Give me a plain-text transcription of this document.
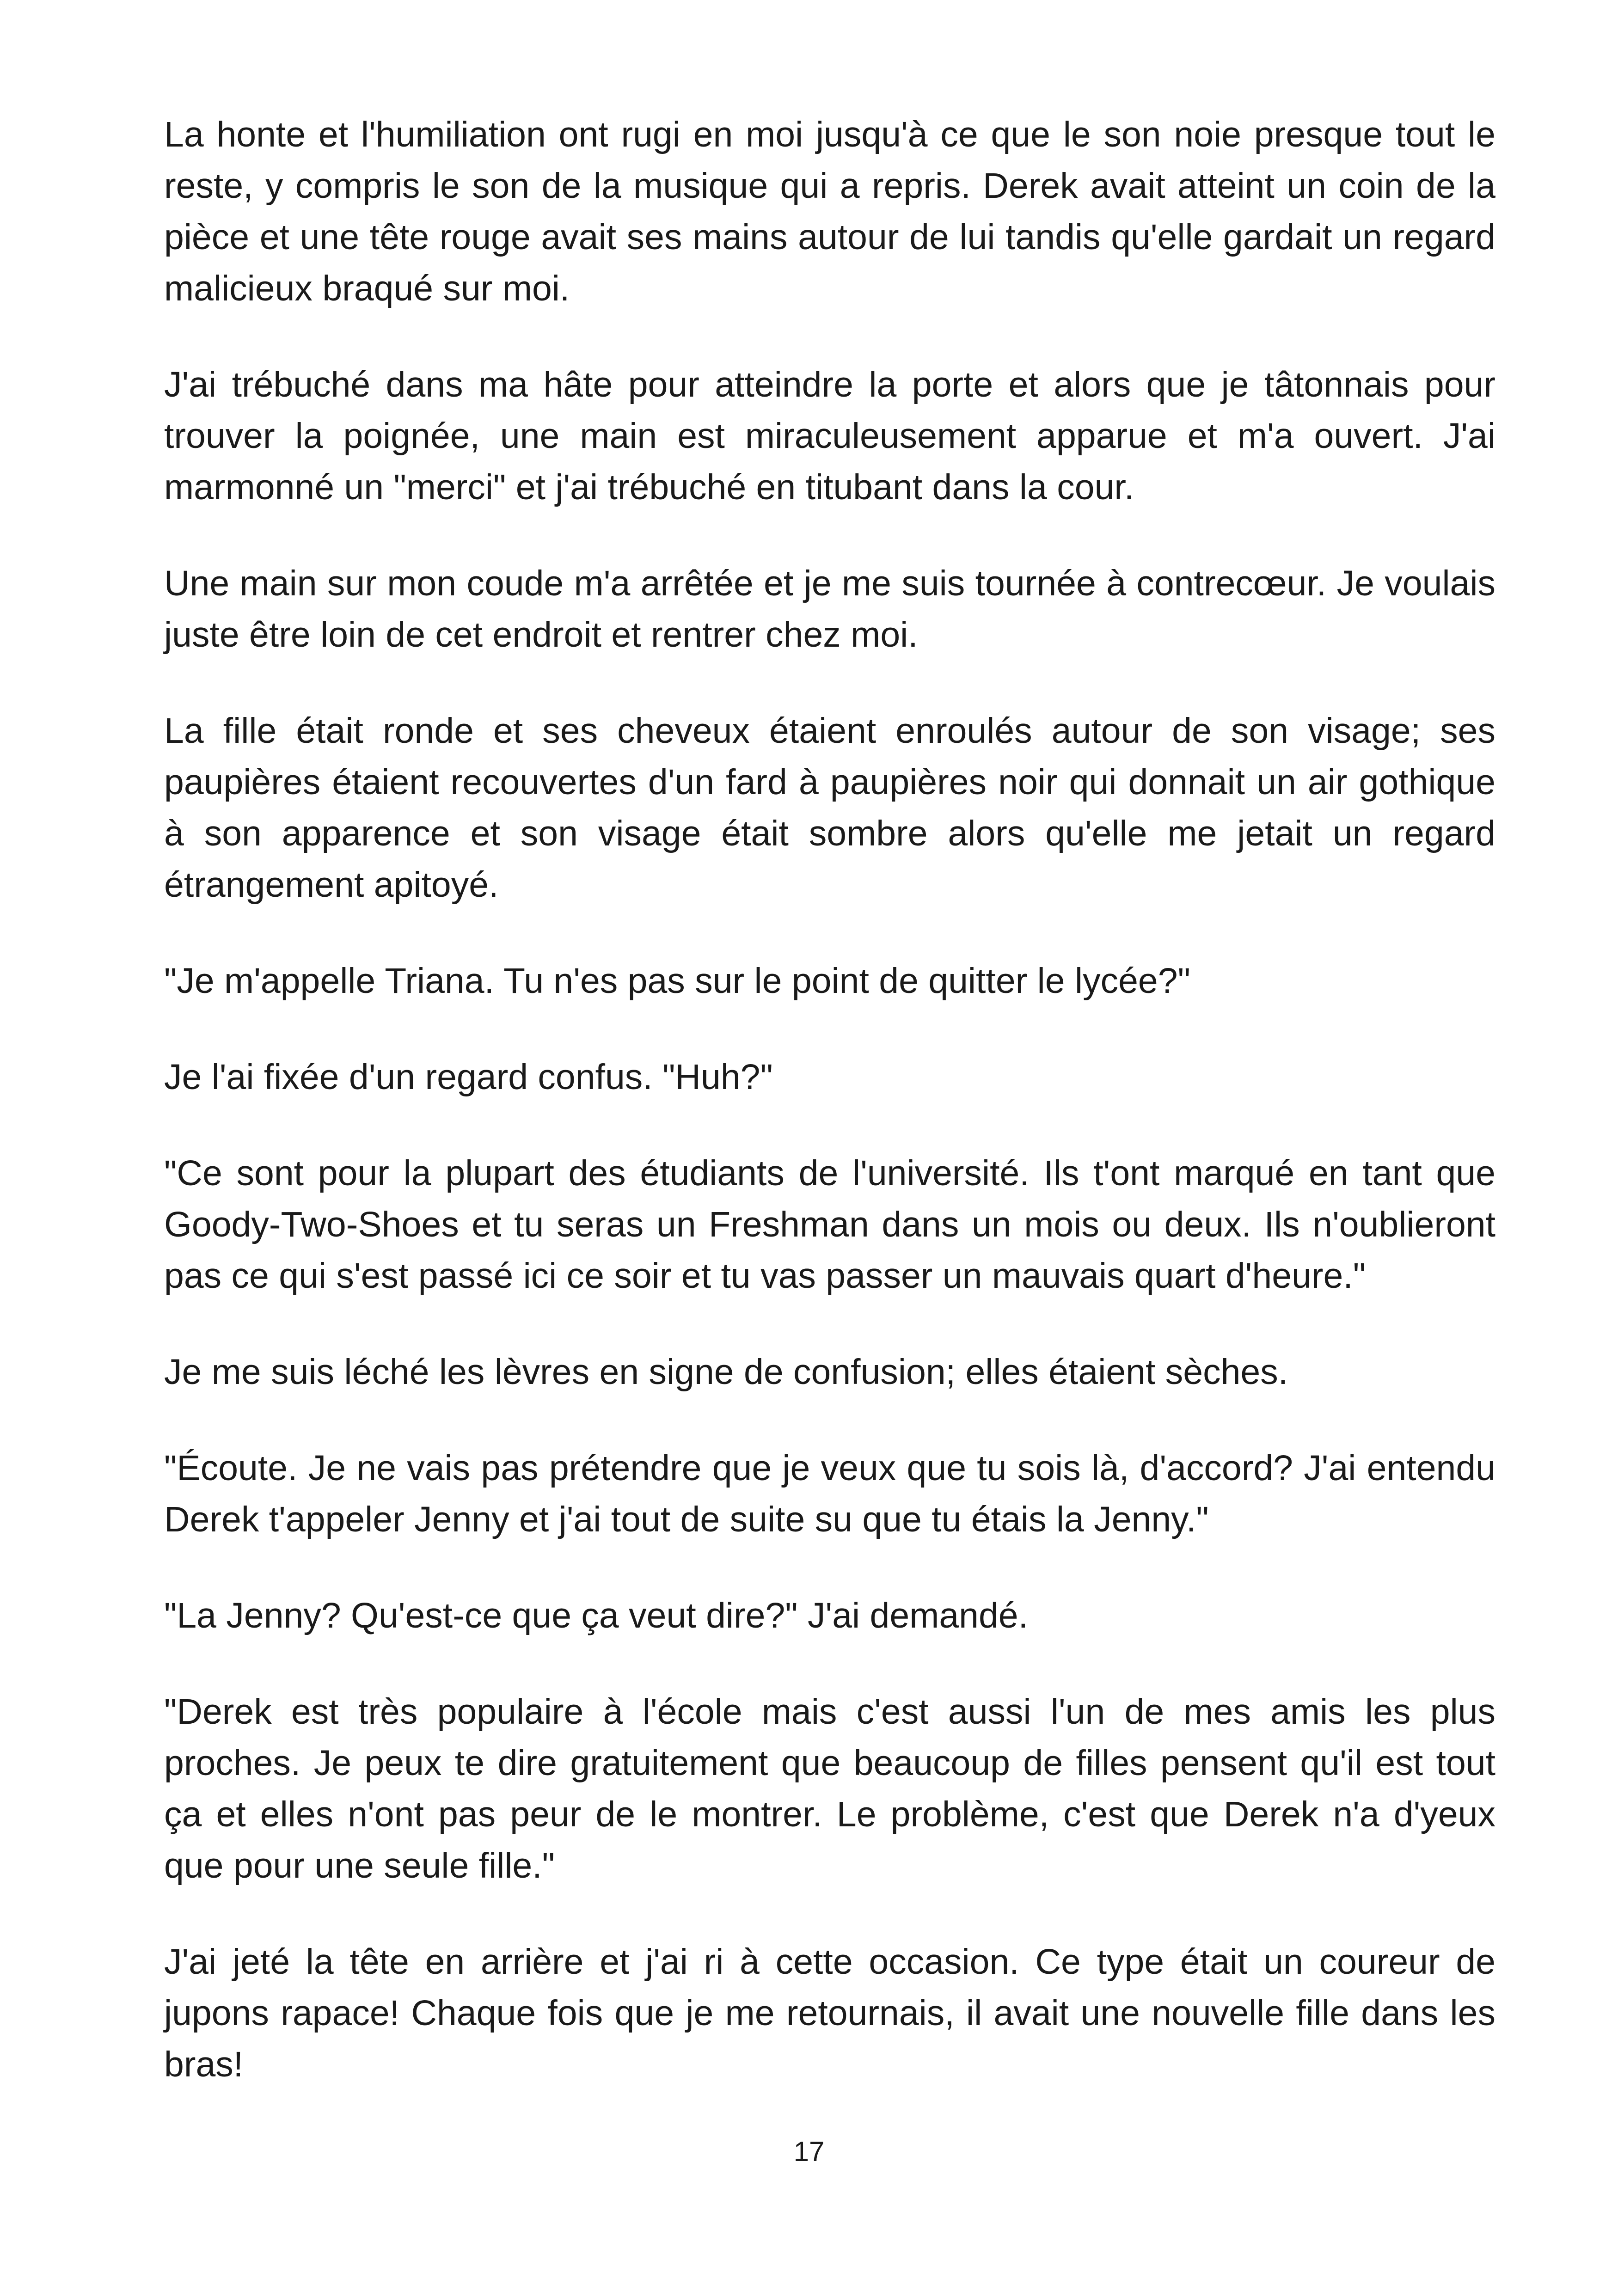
La honte et l'humiliation ont rugi en moi jusqu'à ce que le son noie presque tout le reste, y compris le son de la musique qui a repris. Derek avait atteint un coin de la pièce et une tête rouge avait ses mains autour de lui tandis qu'elle gardait un regard malicieux braqué sur moi.

J'ai trébuché dans ma hâte pour atteindre la porte et alors que je tâtonnais pour trouver la poignée, une main est miraculeusement apparue et m'a ouvert. J'ai marmonné un "merci" et j'ai trébuché en titubant dans la cour.

Une main sur mon coude m'a arrêtée et je me suis tournée à contrecœur. Je voulais juste être loin de cet endroit et rentrer chez moi.

La fille était ronde et ses cheveux étaient enroulés autour de son visage; ses paupières étaient recouvertes d'un fard à paupières noir qui donnait un air gothique à son apparence et son visage était sombre alors qu'elle me jetait un regard étrangement apitoyé.

"Je m'appelle Triana. Tu n'es pas sur le point de quitter le lycée?"

Je l'ai fixée d'un regard confus. "Huh?"

"Ce sont pour la plupart des étudiants de l'université. Ils t'ont marqué en tant que Goody-Two-Shoes et tu seras un Freshman dans un mois ou deux. Ils n'oublieront pas ce qui s'est passé ici ce soir et tu vas passer un mauvais quart d'heure."

Je me suis léché les lèvres en signe de confusion; elles étaient sèches.

"Écoute. Je ne vais pas prétendre que je veux que tu sois là, d'accord? J'ai entendu Derek t'appeler Jenny et j'ai tout de suite su que tu étais la Jenny."

"La Jenny? Qu'est-ce que ça veut dire?" J'ai demandé.

"Derek est très populaire à l'école mais c'est aussi l'un de mes amis les plus proches. Je peux te dire gratuitement que beaucoup de filles pensent qu'il est tout ça et elles n'ont pas peur de le montrer. Le problème, c'est que Derek n'a d'yeux que pour une seule fille."

J'ai jeté la tête en arrière et j'ai ri à cette occasion. Ce type était un coureur de jupons rapace! Chaque fois que je me retournais, il avait une nouvelle fille dans les bras!

17
